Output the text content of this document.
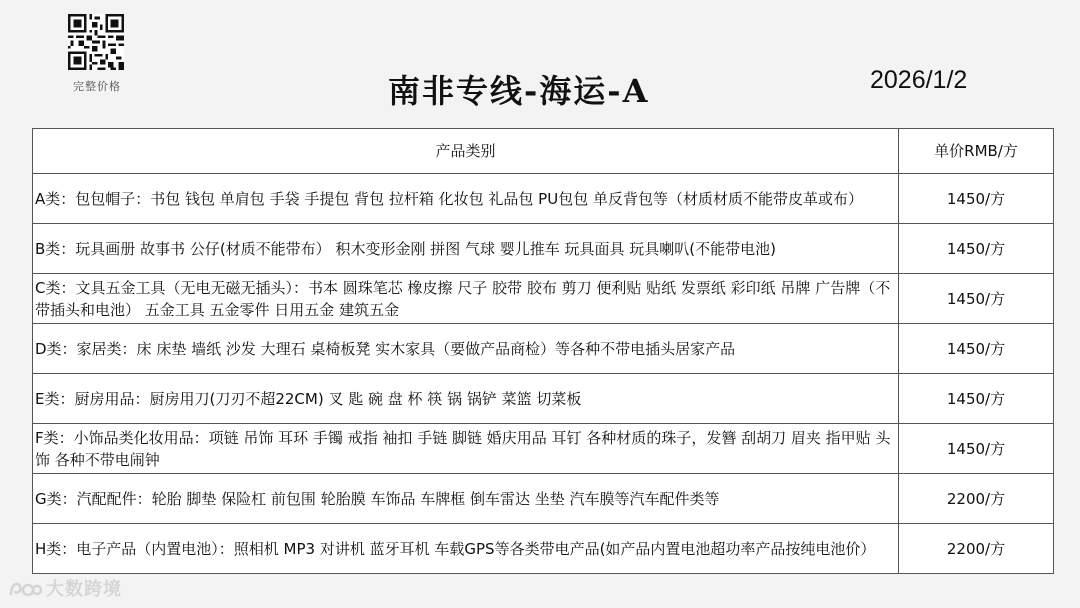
完整价格	南非专线-海运-A	2026/1/2
产品类别	单价RMB/方
A类：包包帽子：书包 钱包 单肩包 手袋 手提包 背包 拉杆箱 化妆包 礼品包 PU包包 单反背包等（材质材质不能带皮革或布）	1450/方
B类：玩具画册 故事书 公仔(材质不能带布） 积木变形金刚 拼图 气球 婴儿推车 玩具面具 玩具喇叭(不能带电池)	1450/方
C类：文具五金工具（无电无磁无插头）：书本 圆珠笔芯 橡皮擦 尺子 胶带 胶布 剪刀 便利贴 贴纸 发票纸 彩印纸 吊牌 广告牌（不带插头和电池） 五金工具 五金零件 日用五金 建筑五金	1450/方
D类：家居类：床 床垫 墙纸 沙发 大理石 桌椅板凳 实木家具（要做产品商检）等各种不带电插头居家产品	1450/方
E类：厨房用品：厨房用刀(刀刃不超22CM) 叉 匙 碗 盘 杯 筷 锅 锅铲 菜篮 切菜板	1450/方
F类：小饰品类化妆用品：项链 吊饰 耳环 手镯 戒指 袖扣 手链 脚链 婚庆用品 耳钉 各种材质的珠子，发簪 刮胡刀 眉夹 指甲贴 头饰 各种不带电闹钟	1450/方
G类：汽配配件：轮胎 脚垫 保险杠 前包围 轮胎膜 车饰品 车牌框 倒车雷达 坐垫 汽车膜等汽车配件类等	2200/方
H类：电子产品（内置电池）：照相机 MP3 对讲机 蓝牙耳机 车载GPS等各类带电产品(如产品内置电池超功率产品按纯电池价）	2200/方
大数跨境
